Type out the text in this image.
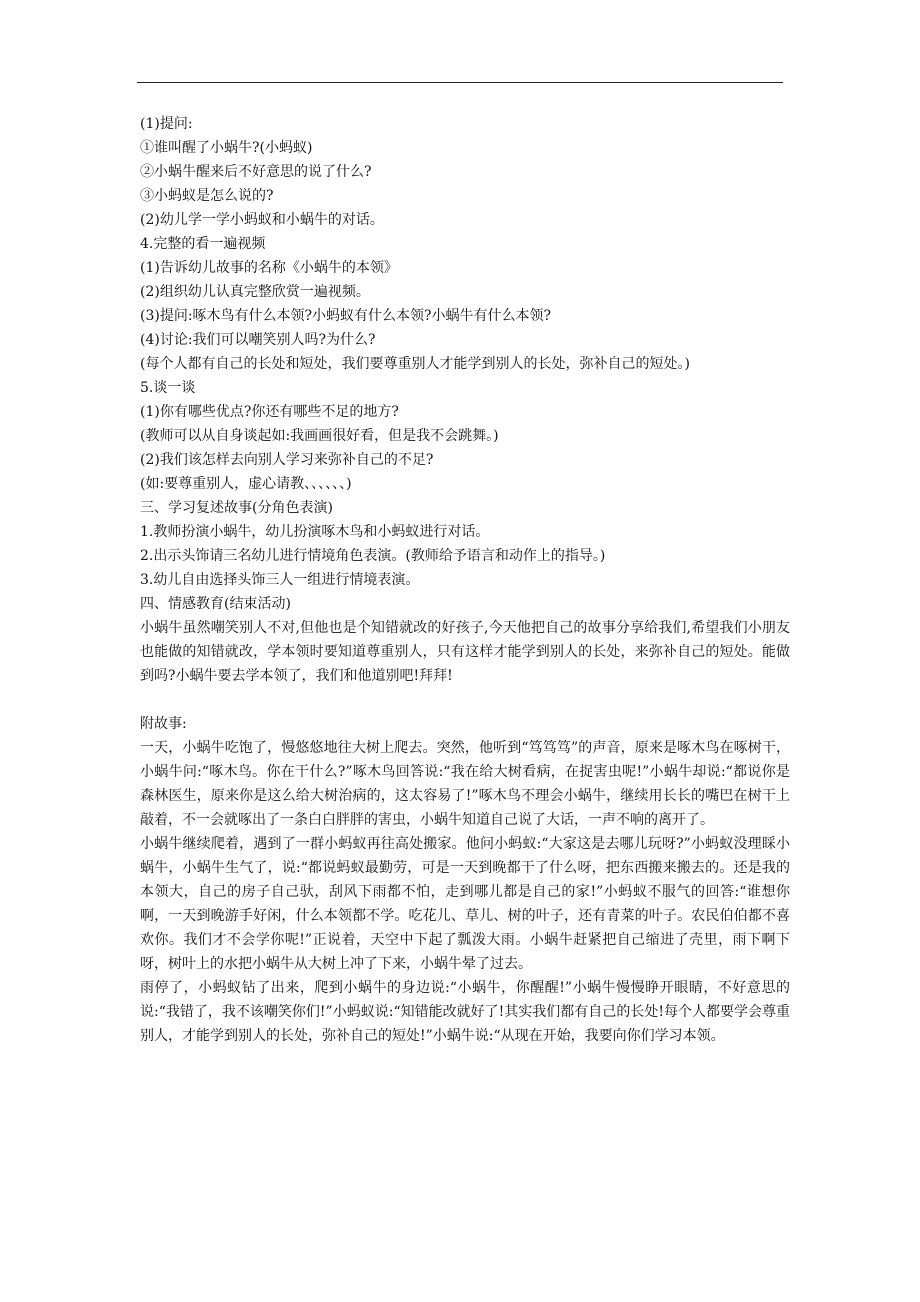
(1)提问:
①谁叫醒了小蜗牛?(小蚂蚁)
②小蜗牛醒来后不好意思的说了什么?
③小蚂蚁是怎么说的?
(2)幼儿学一学小蚂蚁和小蜗牛的对话。
4.完整的看一遍视频
(1)告诉幼儿故事的名称《小蜗牛的本领》
(2)组织幼儿认真完整欣赏一遍视频。
(3)提问:啄木鸟有什么本领?小蚂蚁有什么本领?小蜗牛有什么本领?
(4)讨论:我们可以嘲笑别人吗?为什么?
(每个人都有自己的长处和短处，我们要尊重别人才能学到别人的长处，弥补自己的短处。)
5.谈一谈
(1)你有哪些优点?你还有哪些不足的地方?
(教师可以从自身谈起如:我画画很好看，但是我不会跳舞。)
(2)我们该怎样去向别人学习来弥补自己的不足?
(如:要尊重别人，虚心请教、、、、、、)
三、学习复述故事(分角色表演)
1.教师扮演小蜗牛，幼儿扮演啄木鸟和小蚂蚁进行对话。
2.出示头饰请三名幼儿进行情境角色表演。(教师给予语言和动作上的指导。)
3.幼儿自由选择头饰三人一组进行情境表演。
四、情感教育(结束活动)
小蜗牛虽然嘲笑别人不对,但他也是个知错就改的好孩子,今天他把自己的故事分享给我们,希望我们小朋友也能做的知错就改，学本领时要知道尊重别人，只有这样才能学到别人的长处，来弥补自己的短处。能做到吗?小蜗牛要去学本领了，我们和他道别吧!拜拜!
附故事:
一天，小蜗牛吃饱了，慢悠悠地往大树上爬去。突然，他听到“笃笃笃”的声音，原来是啄木鸟在啄树干，小蜗牛问:“啄木鸟。你在干什么?”啄木鸟回答说:“我在给大树看病，在捉害虫呢!”小蜗牛却说:“都说你是森林医生，原来你是这么给大树治病的，这太容易了!”啄木鸟不理会小蜗牛，继续用长长的嘴巴在树干上敲着，不一会就啄出了一条白白胖胖的害虫，小蜗牛知道自己说了大话，一声不响的离开了。
小蜗牛继续爬着，遇到了一群小蚂蚁再往高处搬家。他问小蚂蚁:“大家这是去哪儿玩呀?”小蚂蚁没理睬小蜗牛，小蜗牛生气了，说:“都说蚂蚁最勤劳，可是一天到晚都干了什么呀，把东西搬来搬去的。还是我的本领大，自己的房子自己驮，刮风下雨都不怕，走到哪儿都是自己的家!”小蚂蚁不服气的回答:“谁想你啊，一天到晚游手好闲，什么本领都不学。吃花儿、草儿、树的叶子，还有青菜的叶子。农民伯伯都不喜欢你。我们才不会学你呢!”正说着，天空中下起了瓢泼大雨。小蜗牛赶紧把自己缩进了壳里，雨下啊下呀，树叶上的水把小蜗牛从大树上冲了下来，小蜗牛晕了过去。
雨停了，小蚂蚁钻了出来，爬到小蜗牛的身边说:“小蜗牛，你醒醒!”小蜗牛慢慢睁开眼睛，不好意思的说:“我错了，我不该嘲笑你们!”小蚂蚁说:“知错能改就好了!其实我们都有自己的长处!每个人都要学会尊重别人，才能学到别人的长处，弥补自己的短处!”小蜗牛说:“从现在开始，我要向你们学习本领。
